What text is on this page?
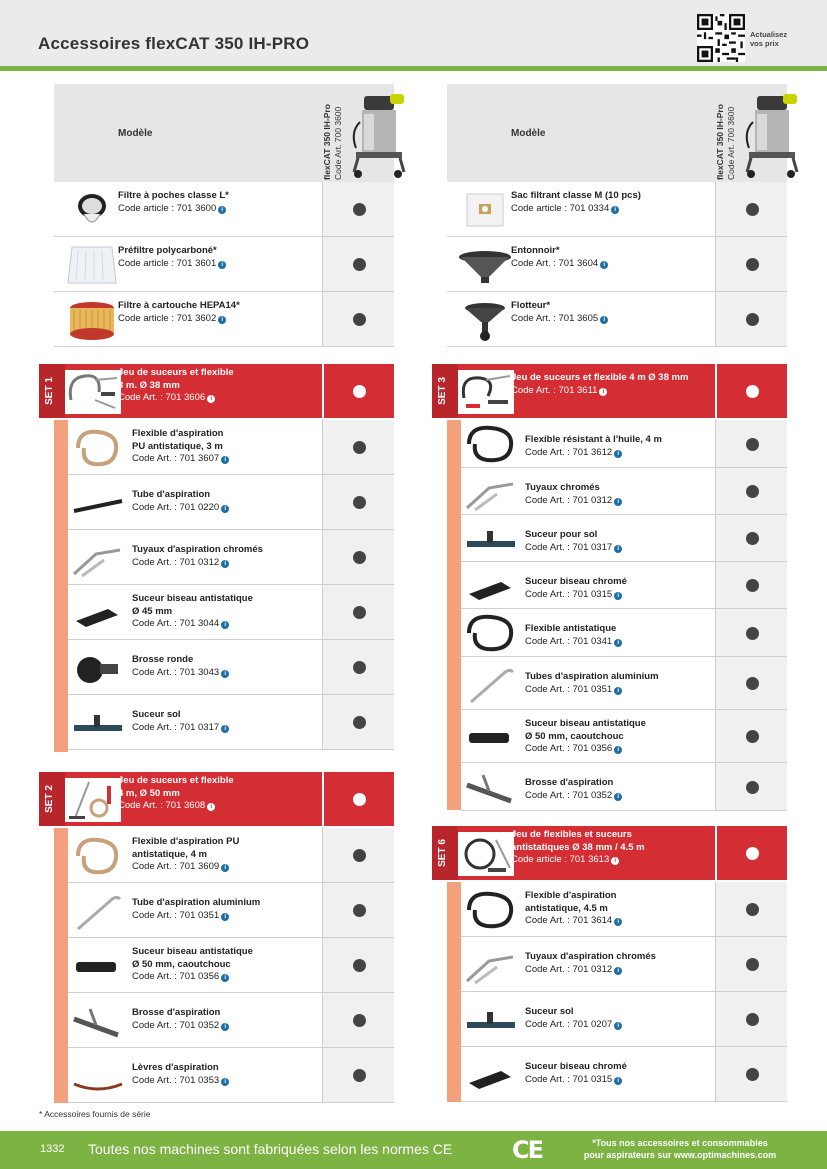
Accessoires flexCAT 350 IH-PRO	Actualisez
vos prix
Modèle	flexCAT 350 IH-Pro Code Art. 700 3600
Filtre à poches classe L*
Code article : 701 3600 i
Préfiltre polycarboné*
Code article : 701 3601 i
Filtre à cartouche HEPA14*
Code article : 701 3602 i
SET 1
Jeu de suceurs et flexible
3 m. Ø 38 mm
Code Art. : 701 3606 i
Flexible d'aspiration
PU antistatique, 3 m
Code Art. : 701 3607 i
Tube d'aspiration
Code Art. : 701 0220 i
Tuyaux d'aspiration chromés
Code Art. : 701 0312 i
Suceur biseau antistatique
Ø 45 mm
Code Art. : 701 3044 i
Brosse ronde
Code Art. : 701 3043 i
Suceur sol
Code Art. : 701 0317 i
SET 2
Jeu de suceurs et flexible
4 m, Ø 50 mm
Code Art. : 701 3608 i
Flexible d'aspiration PU
antistatique, 4 m
Code Art. : 701 3609 i
Tube d'aspiration aluminium
Code Art. : 701 0351 i
Suceur biseau antistatique
Ø 50 mm, caoutchouc
Code Art. : 701 0356 i
Brosse d'aspiration
Code Art. : 701 0352 i
Lèvres d'aspiration
Code Art. : 701 0353 i
Modèle	flexCAT 350 IH-Pro Code Art. 700 3600
Sac filtrant classe M (10 pcs)
Code article : 701 0334 i
Entonnoir*
Code Art. : 701 3604 i
Flotteur*
Code Art. : 701 3605 i
SET 3	Jeu de suceurs et flexible 4 m Ø 38 mm
Code Art. : 701 3611 i
Flexible résistant à l'huile, 4 m
Code Art. : 701 3612 i
Tuyaux chromés
Code Art. : 701 0312 i
Suceur pour sol
Code Art. : 701 0317 i
Suceur biseau chromé
Code Art. : 701 0315 i
Flexible antistatique
Code Art. : 701 0341 i
Tubes d'aspiration aluminium
Code Art. : 701 0351 i
Suceur biseau antistatique
Ø 50 mm, caoutchouc
Code Art. : 701 0356 i
Brosse d'aspiration
Code Art. : 701 0352 i
SET 6
Jeu de flexibles et suceurs
antistatiques Ø 38 mm / 4.5 m
Code article : 701 3613 i
Flexible d'aspiration
antistatique, 4.5 m
Code Art. : 701 3614 i
Tuyaux d'aspiration chromés
Code Art. : 701 0312 i
Suceur sol
Code Art. : 701 0207 i
Suceur biseau chromé
Code Art. : 701 0315 i
* Accessoires fournis de série
1332 Toutes nos machines sont fabriquées selon les normes CE CE	*Tous nos accessoires et consommables
pour aspirateurs sur www.optimachines.com
